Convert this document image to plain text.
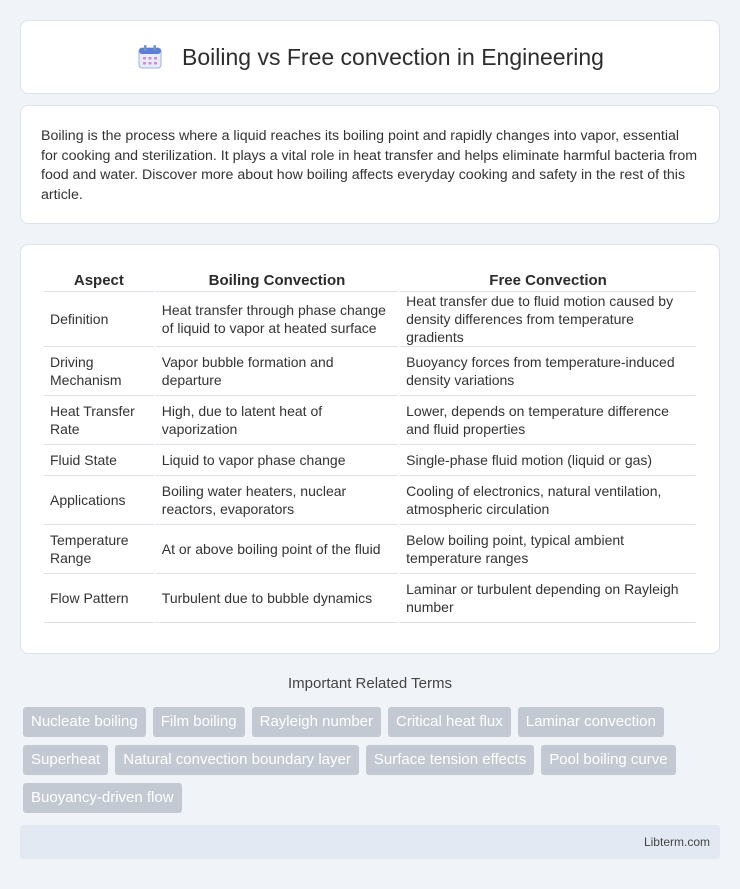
Boiling vs Free convection in Engineering

Boiling is the process where a liquid reaches its boiling point and rapidly changes into vapor, essential for cooking and sterilization. It plays a vital role in heat transfer and helps eliminate harmful bacteria from food and water. Discover more about how boiling affects everyday cooking and safety in the rest of this article.

Aspect	Boiling Convection	Free Convection
Definition	Heat transfer through phase change of liquid to vapor at heated surface	Heat transfer due to fluid motion caused by density differences from temperature gradients
Driving Mechanism	Vapor bubble formation and departure	Buoyancy forces from temperature-induced density variations
Heat Transfer Rate	High, due to latent heat of vaporization	Lower, depends on temperature difference and fluid properties
Fluid State	Liquid to vapor phase change	Single-phase fluid motion (liquid or gas)
Applications	Boiling water heaters, nuclear reactors, evaporators	Cooling of electronics, natural ventilation, atmospheric circulation
Temperature Range	At or above boiling point of the fluid	Below boiling point, typical ambient temperature ranges
Flow Pattern	Turbulent due to bubble dynamics	Laminar or turbulent depending on Rayleigh number
Important Related Terms
Nucleate boiling	Film boiling	Rayleigh number	Critical heat flux	Laminar convection
Superheat	Natural convection boundary layer	Surface tension effects	Pool boiling curve
Buoyancy-driven flow
Libterm.com
